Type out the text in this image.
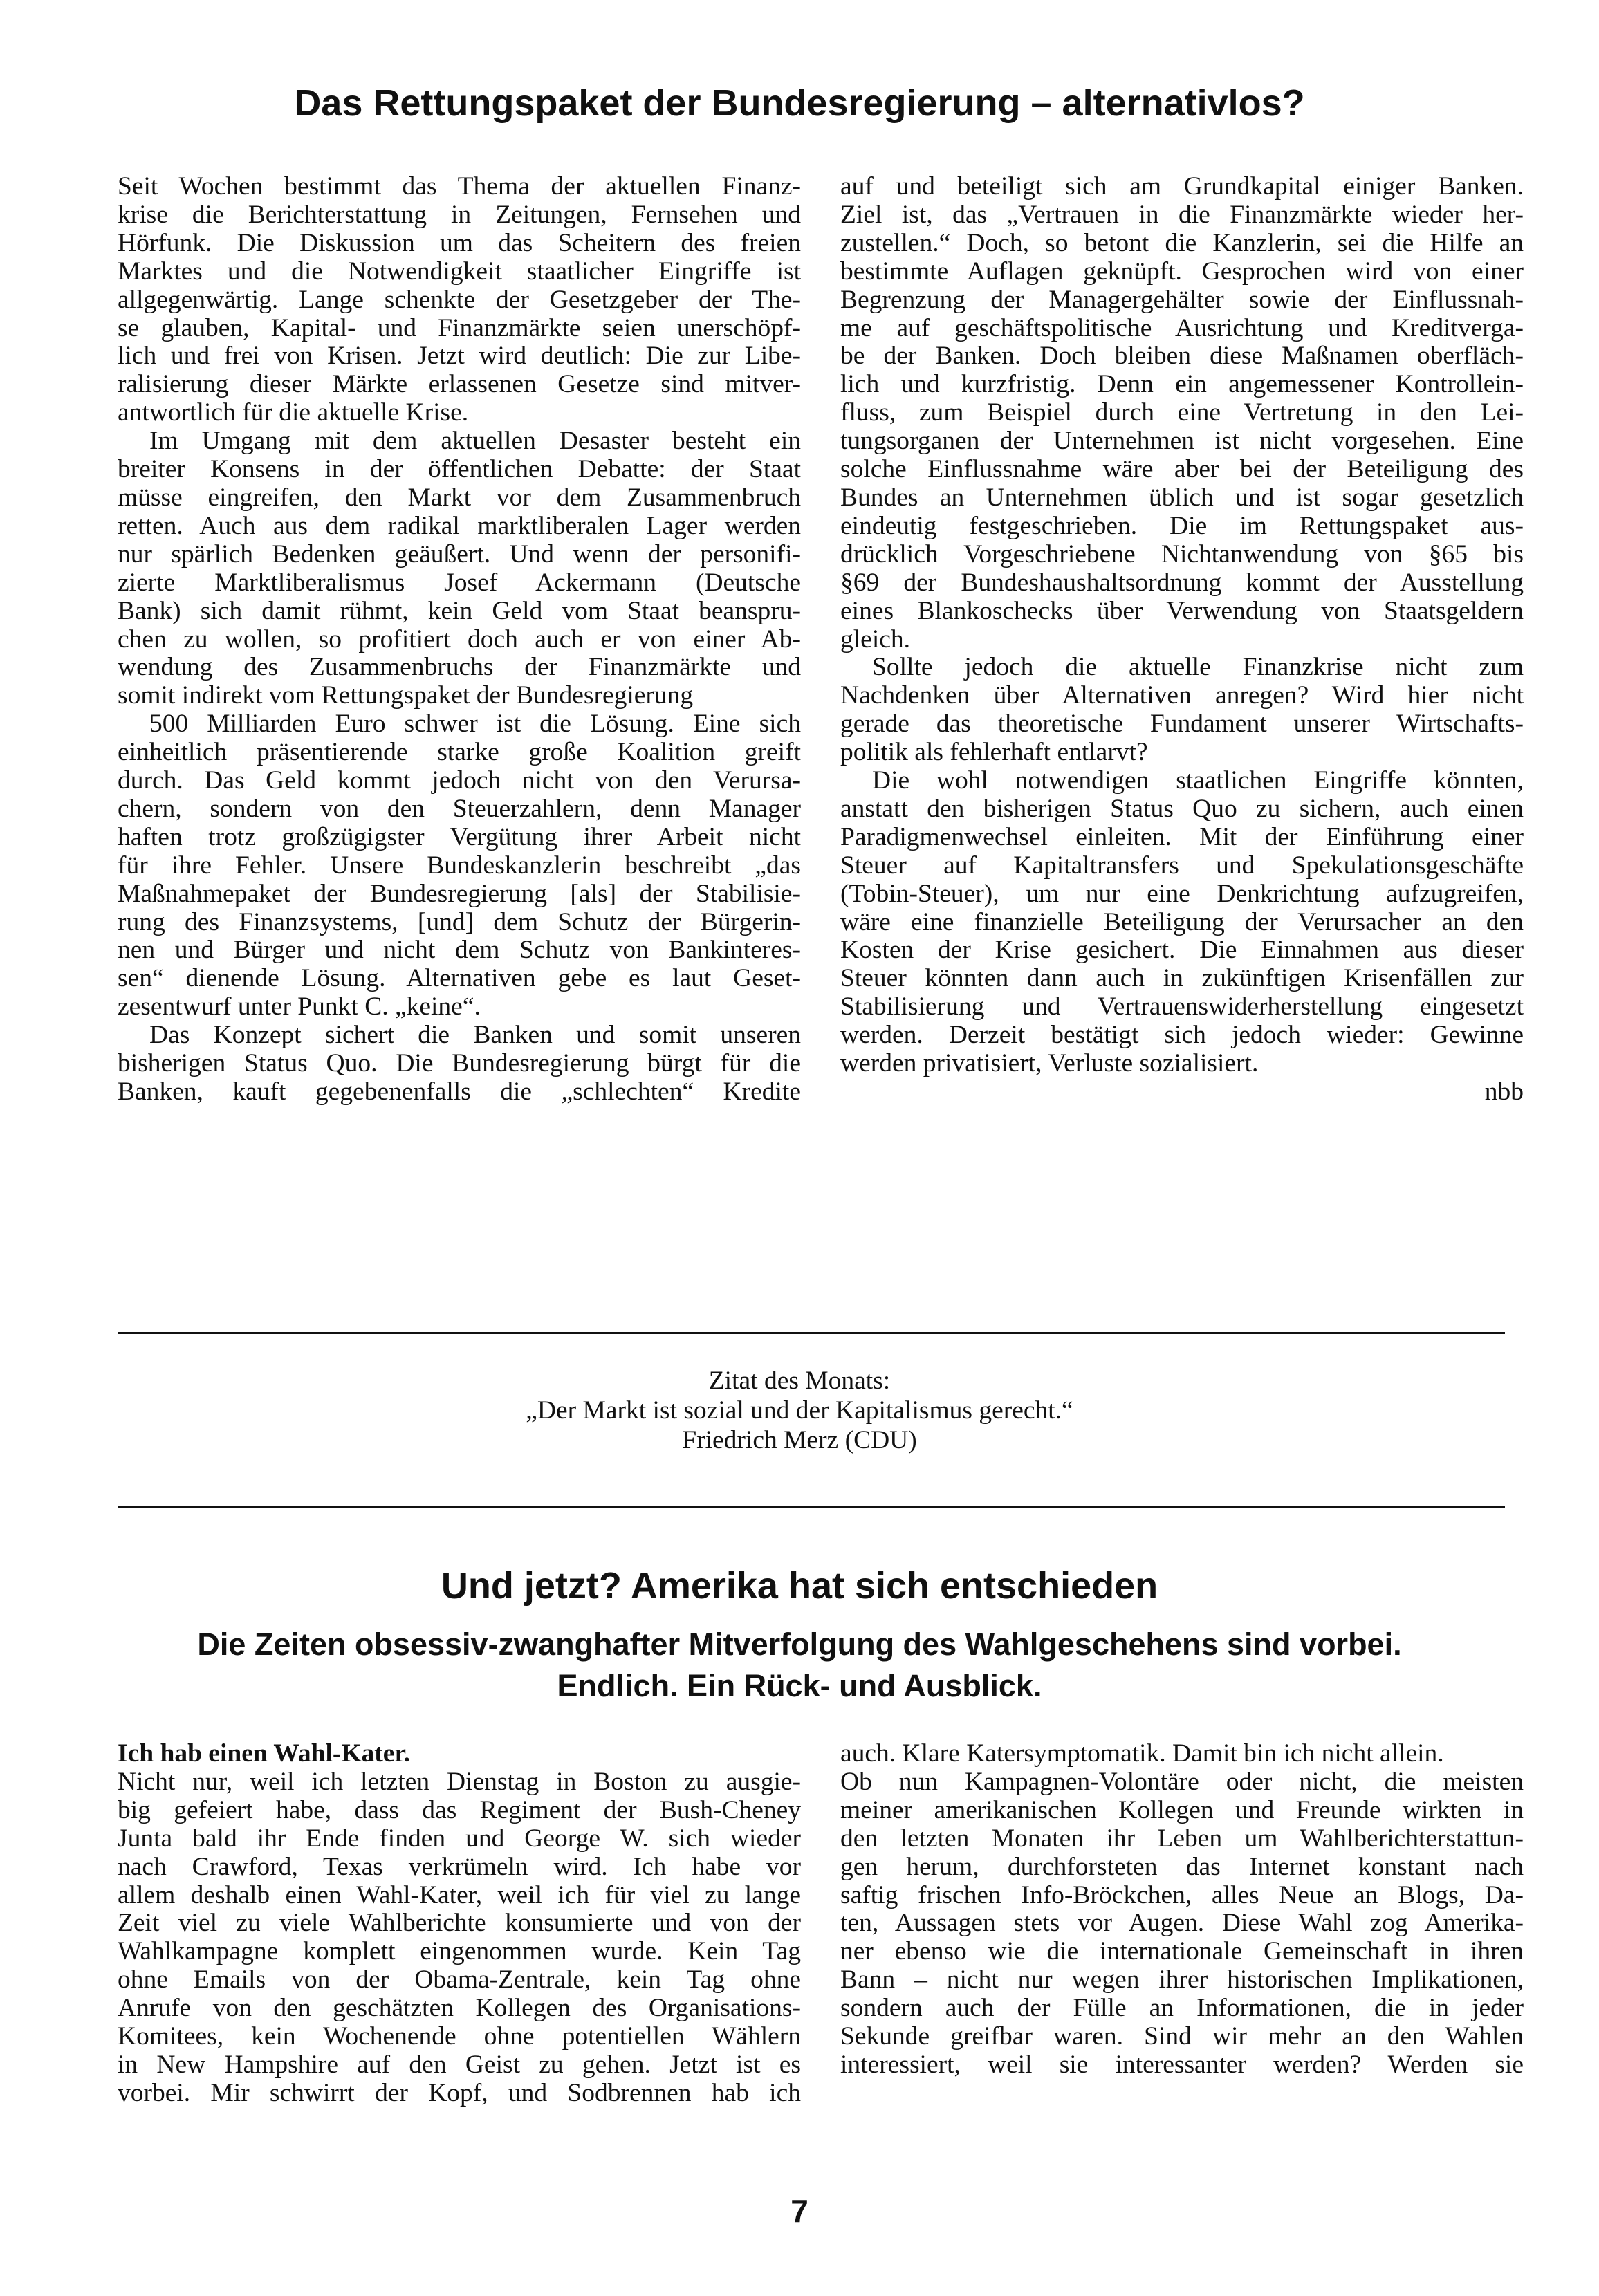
Das Rettungspaket der Bundesregierung – alternativlos?
Seit Wochen bestimmt das Thema der aktuellen Finanz-
krise die Berichterstattung in Zeitungen, Fernsehen und
Hörfunk. Die Diskussion um das Scheitern des freien
Marktes und die Notwendigkeit staatlicher Eingriffe ist
allgegenwärtig. Lange schenkte der Gesetzgeber der The-
se glauben, Kapital- und Finanzmärkte seien unerschöpf-
lich und frei von Krisen. Jetzt wird deutlich: Die zur Libe-
ralisierung dieser Märkte erlassenen Gesetze sind mitver-
antwortlich für die aktuelle Krise.
Im Umgang mit dem aktuellen Desaster besteht ein
breiter Konsens in der öffentlichen Debatte: der Staat
müsse eingreifen, den Markt vor dem Zusammenbruch
retten. Auch aus dem radikal marktliberalen Lager werden
nur spärlich Bedenken geäußert. Und wenn der personifi-
zierte Marktliberalismus Josef Ackermann (Deutsche
Bank) sich damit rühmt, kein Geld vom Staat beanspru-
chen zu wollen, so profitiert doch auch er von einer Ab-
wendung des Zusammenbruchs der Finanzmärkte und
somit indirekt vom Rettungspaket der Bundesregierung
500 Milliarden Euro schwer ist die Lösung. Eine sich
einheitlich präsentierende starke große Koalition greift
durch. Das Geld kommt jedoch nicht von den Verursa-
chern, sondern von den Steuerzahlern, denn Manager
haften trotz großzügigster Vergütung ihrer Arbeit nicht
für ihre Fehler. Unsere Bundeskanzlerin beschreibt „das
Maßnahmepaket der Bundesregierung [als] der Stabilisie-
rung des Finanzsystems, [und] dem Schutz der Bürgerin-
nen und Bürger und nicht dem Schutz von Bankinteres-
sen“ dienende Lösung. Alternativen gebe es laut Geset-
zesentwurf unter Punkt C. „keine“.
Das Konzept sichert die Banken und somit unseren
bisherigen Status Quo. Die Bundesregierung bürgt für die
Banken, kauft gegebenenfalls die „schlechten“ Kredite
auf und beteiligt sich am Grundkapital einiger Banken.
Ziel ist, das „Vertrauen in die Finanzmärkte wieder her-
zustellen.“ Doch, so betont die Kanzlerin, sei die Hilfe an
bestimmte Auflagen geknüpft. Gesprochen wird von einer
Begrenzung der Managergehälter sowie der Einflussnah-
me auf geschäftspolitische Ausrichtung und Kreditverga-
be der Banken. Doch bleiben diese Maßnamen oberfläch-
lich und kurzfristig. Denn ein angemessener Kontrollein-
fluss, zum Beispiel durch eine Vertretung in den Lei-
tungsorganen der Unternehmen ist nicht vorgesehen. Eine
solche Einflussnahme wäre aber bei der Beteiligung des
Bundes an Unternehmen üblich und ist sogar gesetzlich
eindeutig festgeschrieben. Die im Rettungspaket aus-
drücklich Vorgeschriebene Nichtanwendung von §65 bis
§69 der Bundeshaushaltsordnung kommt der Ausstellung
eines Blankoschecks über Verwendung von Staatsgeldern
gleich.
Sollte jedoch die aktuelle Finanzkrise nicht zum
Nachdenken über Alternativen anregen? Wird hier nicht
gerade das theoretische Fundament unserer Wirtschafts-
politik als fehlerhaft entlarvt?
Die wohl notwendigen staatlichen Eingriffe könnten,
anstatt den bisherigen Status Quo zu sichern, auch einen
Paradigmenwechsel einleiten. Mit der Einführung einer
Steuer auf Kapitaltransfers und Spekulationsgeschäfte
(Tobin-Steuer), um nur eine Denkrichtung aufzugreifen,
wäre eine finanzielle Beteiligung der Verursacher an den
Kosten der Krise gesichert. Die Einnahmen aus dieser
Steuer könnten dann auch in zukünftigen Krisenfällen zur
Stabilisierung und Vertrauenswiderherstellung eingesetzt
werden. Derzeit bestätigt sich jedoch wieder: Gewinne
werden privatisiert, Verluste sozialisiert.
nbb
Zitat des Monats:
„Der Markt ist sozial und der Kapitalismus gerecht.“
Friedrich Merz (CDU)
Und jetzt? Amerika hat sich entschieden
Die Zeiten obsessiv-zwanghafter Mitverfolgung des Wahlgeschehens sind vorbei.
Endlich. Ein Rück- und Ausblick.
Ich hab einen Wahl-Kater.
Nicht nur, weil ich letzten Dienstag in Boston zu ausgie-
big gefeiert habe, dass das Regiment der Bush-Cheney
Junta bald ihr Ende finden und George W. sich wieder
nach Crawford, Texas verkrümeln wird. Ich habe vor
allem deshalb einen Wahl-Kater, weil ich für viel zu lange
Zeit viel zu viele Wahlberichte konsumierte und von der
Wahlkampagne komplett eingenommen wurde. Kein Tag
ohne Emails von der Obama-Zentrale, kein Tag ohne
Anrufe von den geschätzten Kollegen des Organisations-
Komitees, kein Wochenende ohne potentiellen Wählern
in New Hampshire auf den Geist zu gehen. Jetzt ist es
vorbei. Mir schwirrt der Kopf, und Sodbrennen hab ich
auch. Klare Katersymptomatik. Damit bin ich nicht allein.
Ob nun Kampagnen-Volontäre oder nicht, die meisten
meiner amerikanischen Kollegen und Freunde wirkten in
den letzten Monaten ihr Leben um Wahlberichterstattun-
gen herum, durchforsteten das Internet konstant nach
saftig frischen Info-Bröckchen, alles Neue an Blogs, Da-
ten, Aussagen stets vor Augen. Diese Wahl zog Amerika-
ner ebenso wie die internationale Gemeinschaft in ihren
Bann – nicht nur wegen ihrer historischen Implikationen,
sondern auch der Fülle an Informationen, die in jeder
Sekunde greifbar waren. Sind wir mehr an den Wahlen
interessiert, weil sie interessanter werden? Werden sie
7
